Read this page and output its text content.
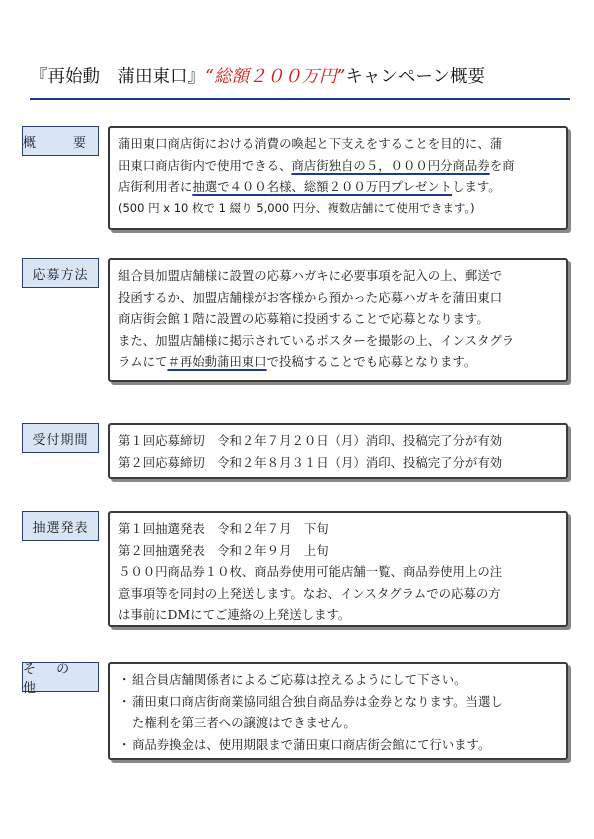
『再始動　蒲田東口』“総額２００万円”キャンペーン概要
概　要 蒲田東口商店街における消費の喚起と下支えをすることを目的に、蒲

田東口商店街内で使用できる、商店街独自の５，０００円分商品券を商

店街利用者に抽選で４００名様、総額２００万円プレゼントします。

(500 円 x 10 枚で 1 綴り 5,000 円分、複数店舗にて使用できます。)

応募方法	組合員加盟店舗様に設置の応募ハガキに必要事項を記入の上、郵送で

投函するか、加盟店舗様がお客様から預かった応募ハガキを蒲田東口

商店街会館１階に設置の応募箱に投函することで応募となります。

また、加盟店舗様に掲示されているポスターを撮影の上、インスタグラ

ラムにて＃再始動蒲田東口で投稿することでも応募となります。

受付期間	第１回応募締切　令和２年７月２０日（月）消印、投稿完了分が有効

第２回応募締切　令和２年８月３１日（月）消印、投稿完了分が有効

抽選発表	第１回抽選発表　令和２年７月　下旬

第２回抽選発表　令和２年９月　上旬

５００円商品券１０枚、商品券使用可能店舗一覧、商品券使用上の注

意事項等を同封の上発送します。なお、インスタグラムでの応募の方

は事前にDMにてご連絡の上発送します。

そ の 他
・ 組合員店舗関係者によるご応募は控えるようにして下さい。
・ 蒲田東口商店街商業協同組合独自商品券は金券となります。当選し

た権利を第三者への譲渡はできません。

・ 商品券換金は、使用期限まで蒲田東口商店街会館にて行います。
